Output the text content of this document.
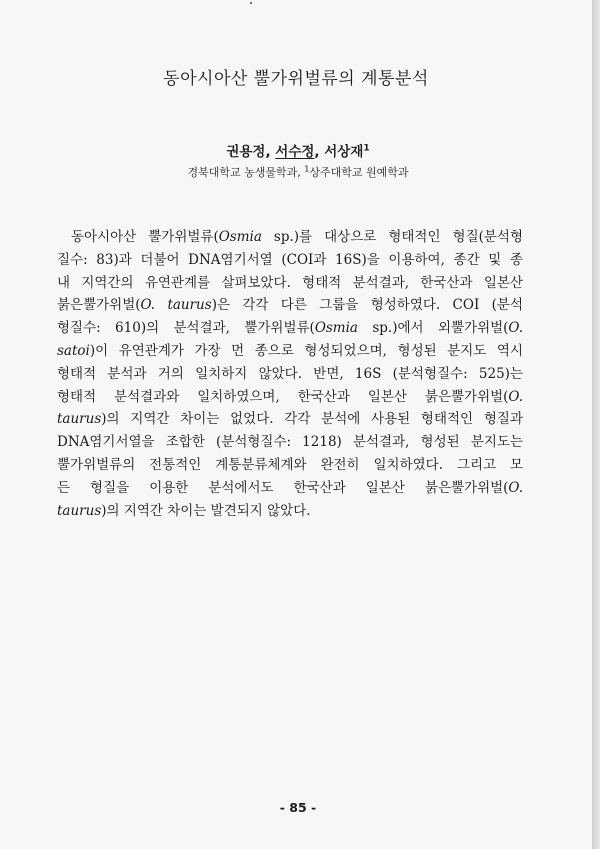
동아시아산 뿔가위벌류의 계통분석
권용정, 서수정, 서상재$^1$
경북대학교 농생물학과, $^1$상주대학교 원예학과
동아시아산 뿔가위벌류(Osmia sp.)를 대상으로 형태적인 형질(분석형
질수: 83)과 더불어 DNA염기서열 (COI과 16S)을 이용하여, 종간 및 종
내 지역간의 유연관계를 살펴보았다. 형태적 분석결과, 한국산과 일본산
붉은뿔가위벌(O. taurus)은 각각 다른 그룹을 형성하였다. COI (분석
형질수: 610)의 분석결과, 뿔가위벌류(Osmia sp.)에서 외뿔가위벌(O.
satoi)이 유연관계가 가장 먼 종으로 형성되었으며, 형성된 분지도 역시
형태적 분석과 거의 일치하지 않았다. 반면, 16S (분석형질수: 525)는
형태적 분석결과와 일치하였으며, 한국산과 일본산 붉은뿔가위벌(O.
taurus)의 지역간 차이는 없었다. 각각 분석에 사용된 형태적인 형질과
DNA염기서열을 조합한 (분석형질수: 1218) 분석결과, 형성된 분지도는
뿔가위벌류의 전통적인 계통분류체계와 완전히 일치하였다. 그리고 모
든 형질을 이용한 분석에서도 한국산과 일본산 붉은뿔가위벌(O.
taurus)의 지역간 차이는 발견되지 않았다.
- 85 -
